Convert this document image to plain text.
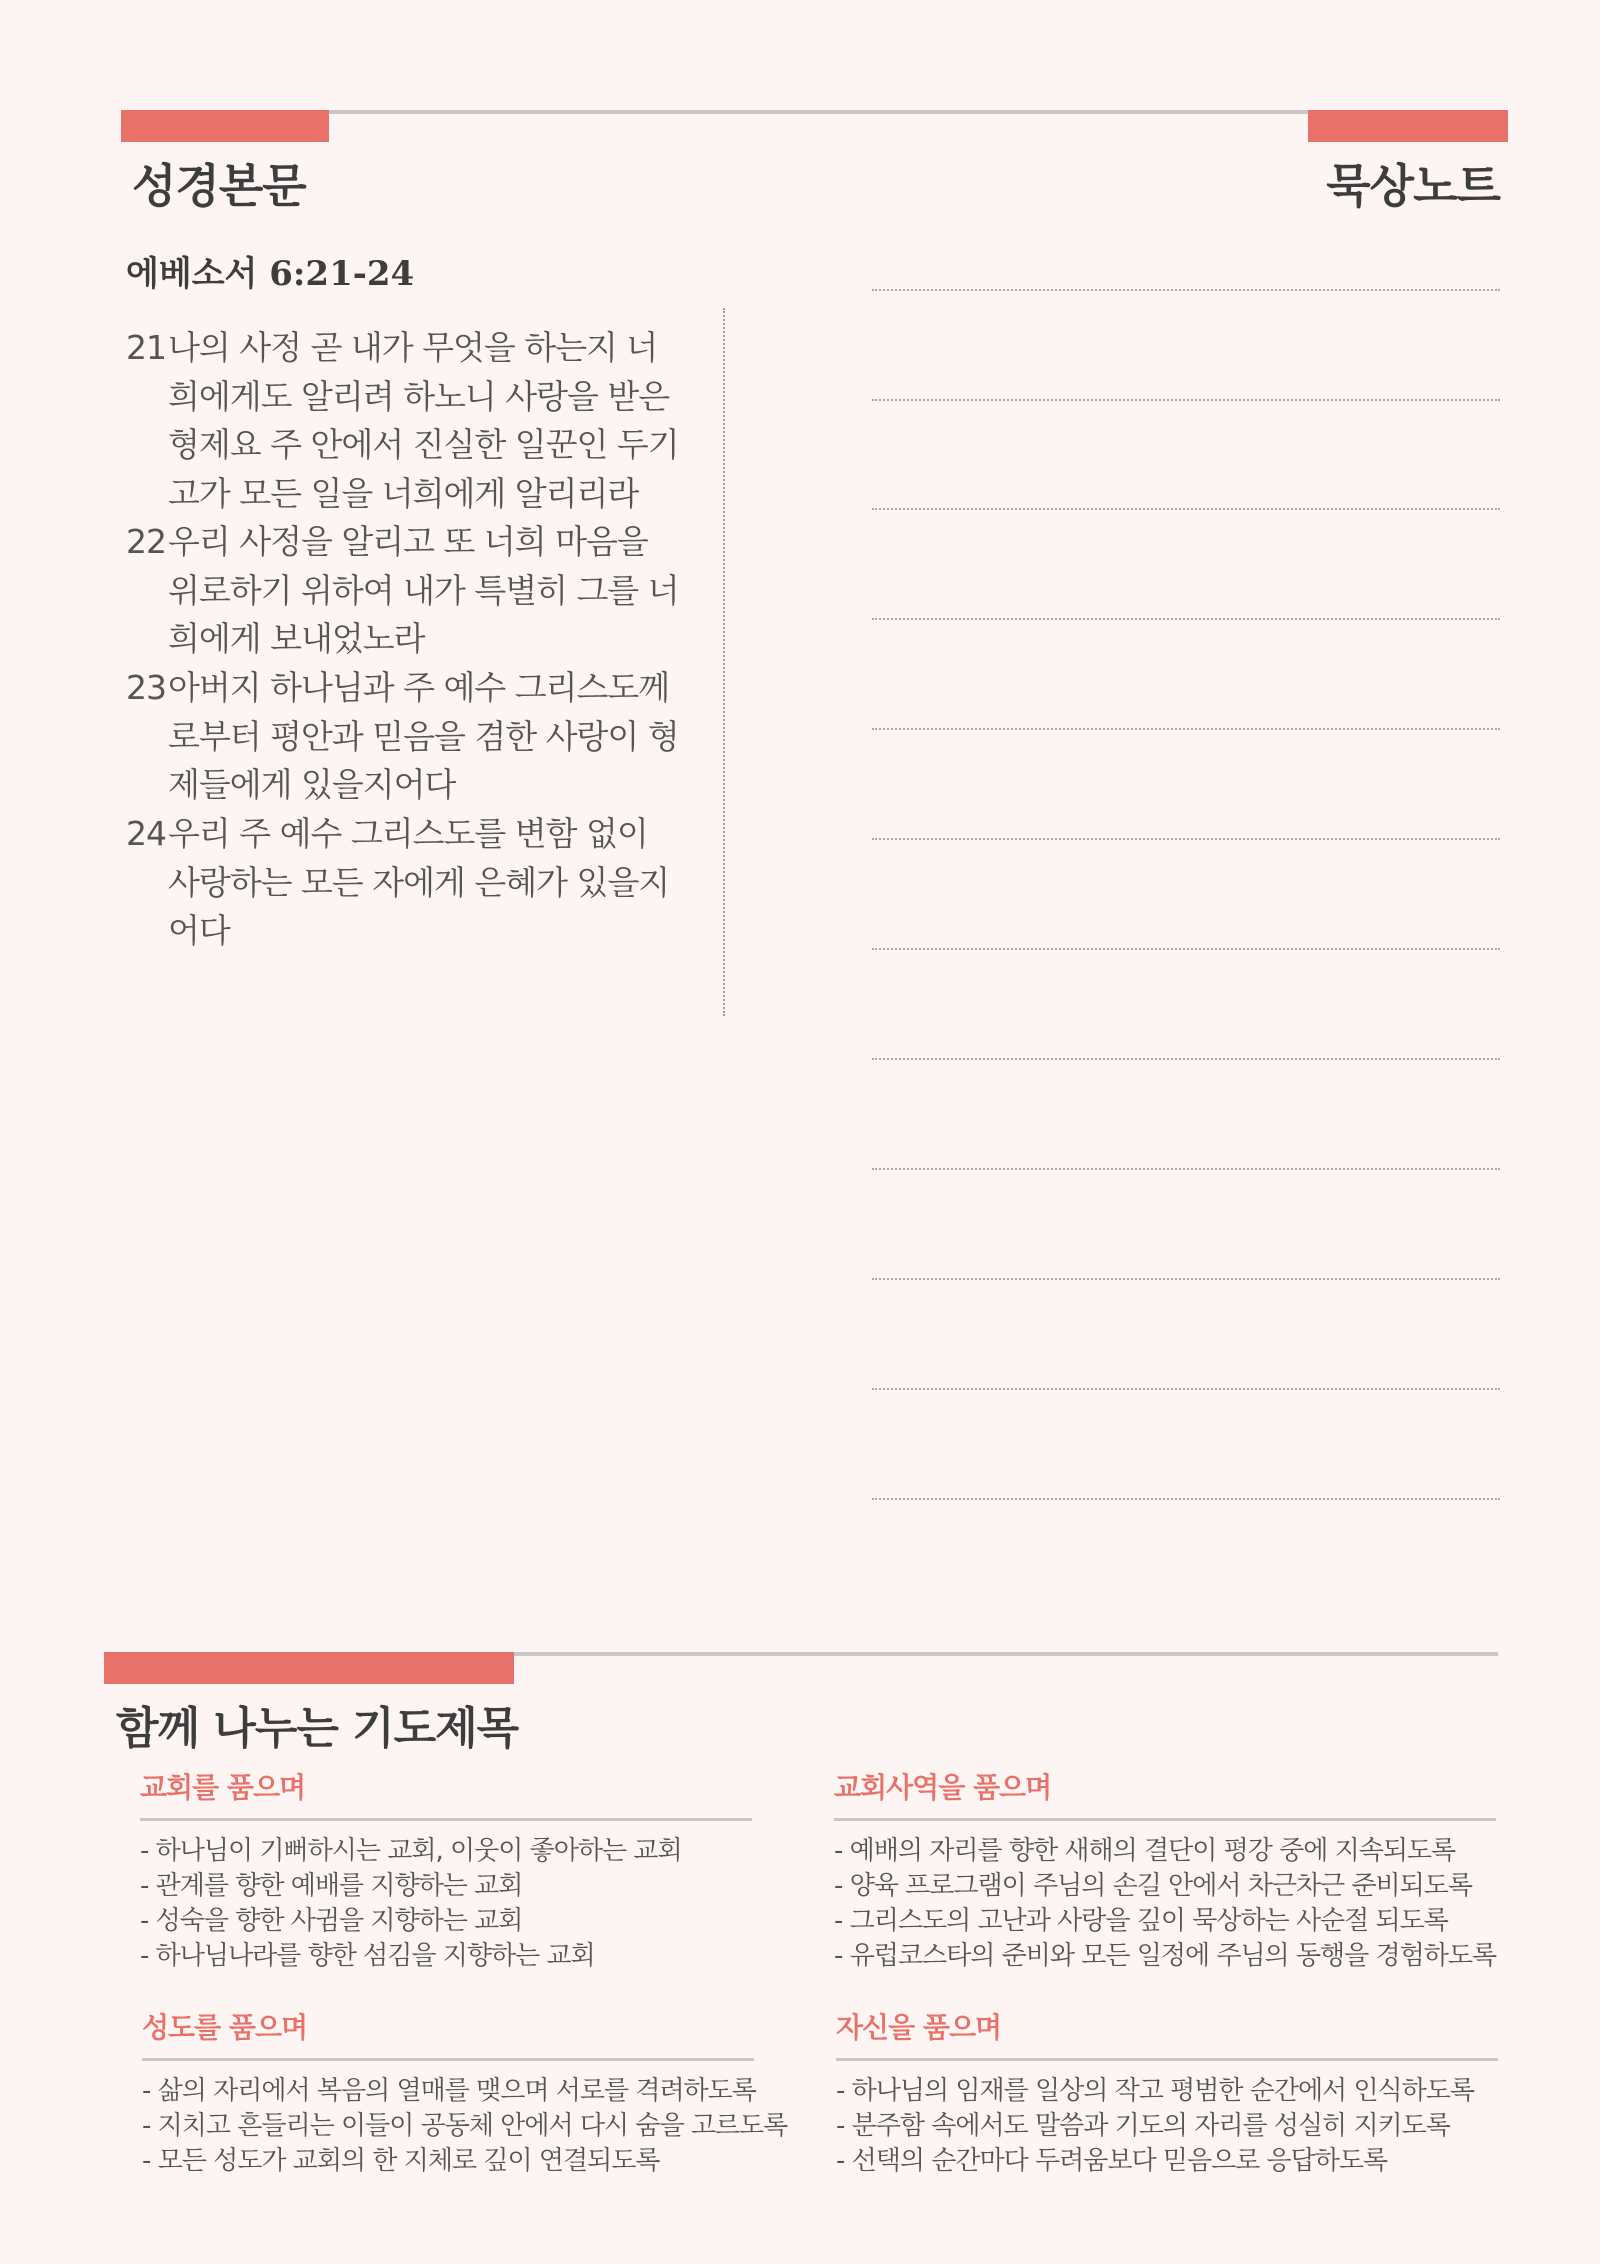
성경본문	묵상노트
에베소서 6:21-24
21 나의 사정 곧 내가 무엇을 하는지 너희에게도 알리려 하노니 사랑을 받은 형제요 주 안에서 진실한 일꾼인 두기고가 모든 일을 너희에게 알리리라
22 우리 사정을 알리고 또 너희 마음을 위로하기 위하여 내가 특별히 그를 너희에게 보내었노라
23 아버지 하나님과 주 예수 그리스도께로부터 평안과 믿음을 겸한 사랑이 형제들에게 있을지어다
24 우리 주 예수 그리스도를 변함 없이 사랑하는 모든 자에게 은혜가 있을지어다
함께 나누는 기도제목
교회를 품으며
- 하나님이 기뻐하시는 교회, 이웃이 좋아하는 교회
- 관계를 향한 예배를 지향하는 교회
- 성숙을 향한 사귐을 지향하는 교회
- 하나님나라를 향한 섬김을 지향하는 교회
교회사역을 품으며
- 예배의 자리를 향한 새해의 결단이 평강 중에 지속되도록
- 양육 프로그램이 주님의 손길 안에서 차근차근 준비되도록
- 그리스도의 고난과 사랑을 깊이 묵상하는 사순절 되도록
- 유럽코스타의 준비와 모든 일정에 주님의 동행을 경험하도록
성도를 품으며
- 삶의 자리에서 복음의 열매를 맺으며 서로를 격려하도록
- 지치고 흔들리는 이들이 공동체 안에서 다시 숨을 고르도록
- 모든 성도가 교회의 한 지체로 깊이 연결되도록
자신을 품으며
- 하나님의 임재를 일상의 작고 평범한 순간에서 인식하도록
- 분주함 속에서도 말씀과 기도의 자리를 성실히 지키도록
- 선택의 순간마다 두려움보다 믿음으로 응답하도록
